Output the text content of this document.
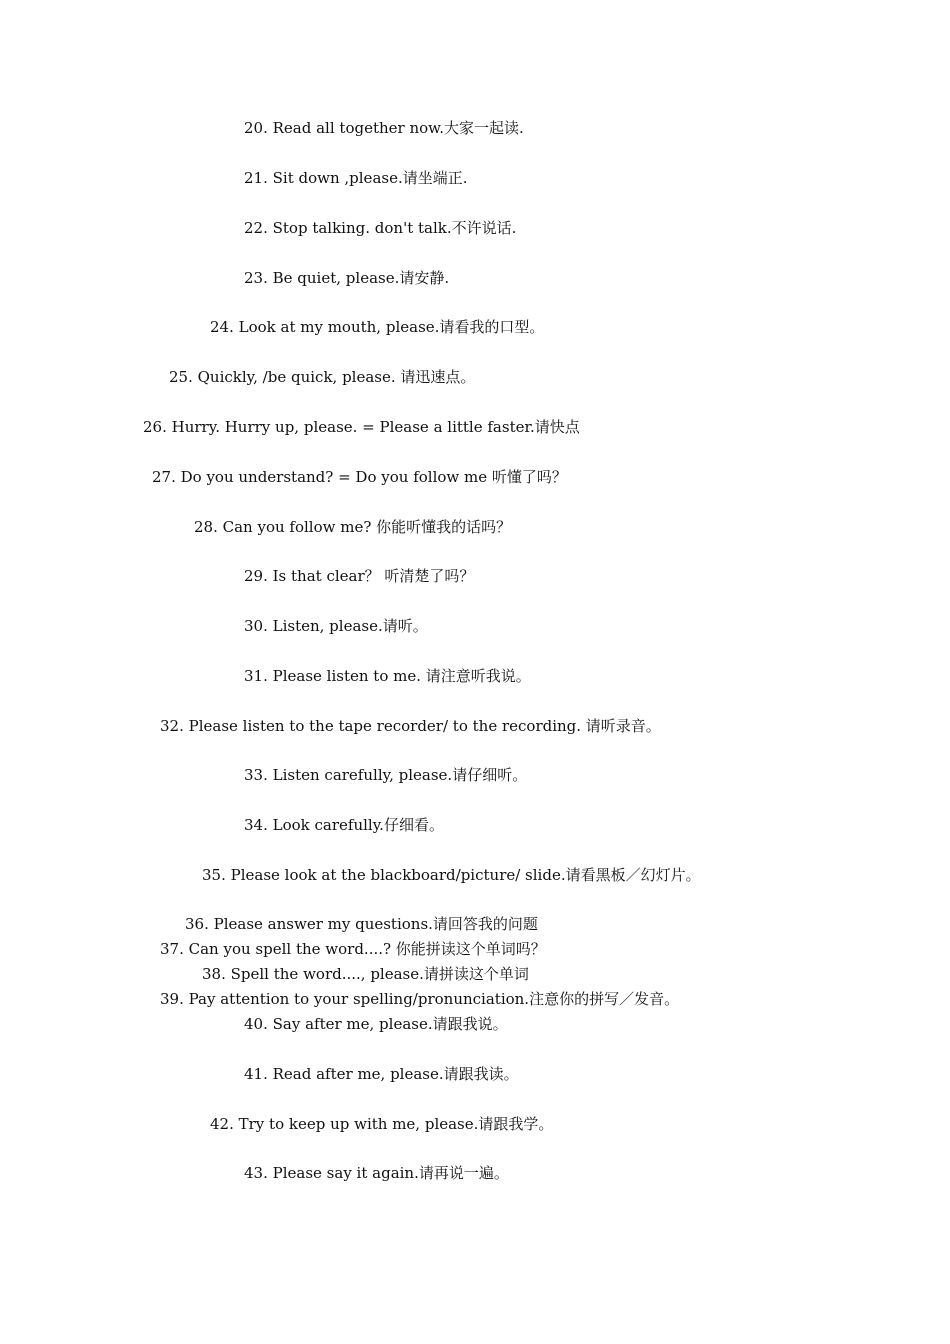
20. Read all together now.大家一起读.
21. Sit down ,please.请坐端正.
22. Stop talking. don't talk.不许说话.
23. Be quiet, please.请安静.
24. Look at my mouth, please.请看我的口型。
25. Quickly, /be quick, please. 请迅速点。
26. Hurry. Hurry up, please. = Please a little faster.请快点
27. Do you understand? = Do you follow me 听懂了吗？
28. Can you follow me? 你能听懂我的话吗？
29. Is that clear？ 听清楚了吗？
30. Listen, please.请听。
31. Please listen to me. 请注意听我说。
32. Please listen to the tape recorder/ to the recording. 请听录音。
33. Listen carefully, please.请仔细听。
34. Look carefully.仔细看。
35. Please look at the blackboard/picture/ slide.请看黑板／幻灯片。
36. Please answer my questions.请回答我的问题
37. Can you spell the word....? 你能拼读这个单词吗？
38. Spell the word...., please.请拼读这个单词
39. Pay attention to your spelling/pronunciation.注意你的拼写／发音。
40. Say after me, please.请跟我说。
41. Read after me, please.请跟我读。
42. Try to keep up with me, please.请跟我学。
43. Please say it again.请再说一遍。
